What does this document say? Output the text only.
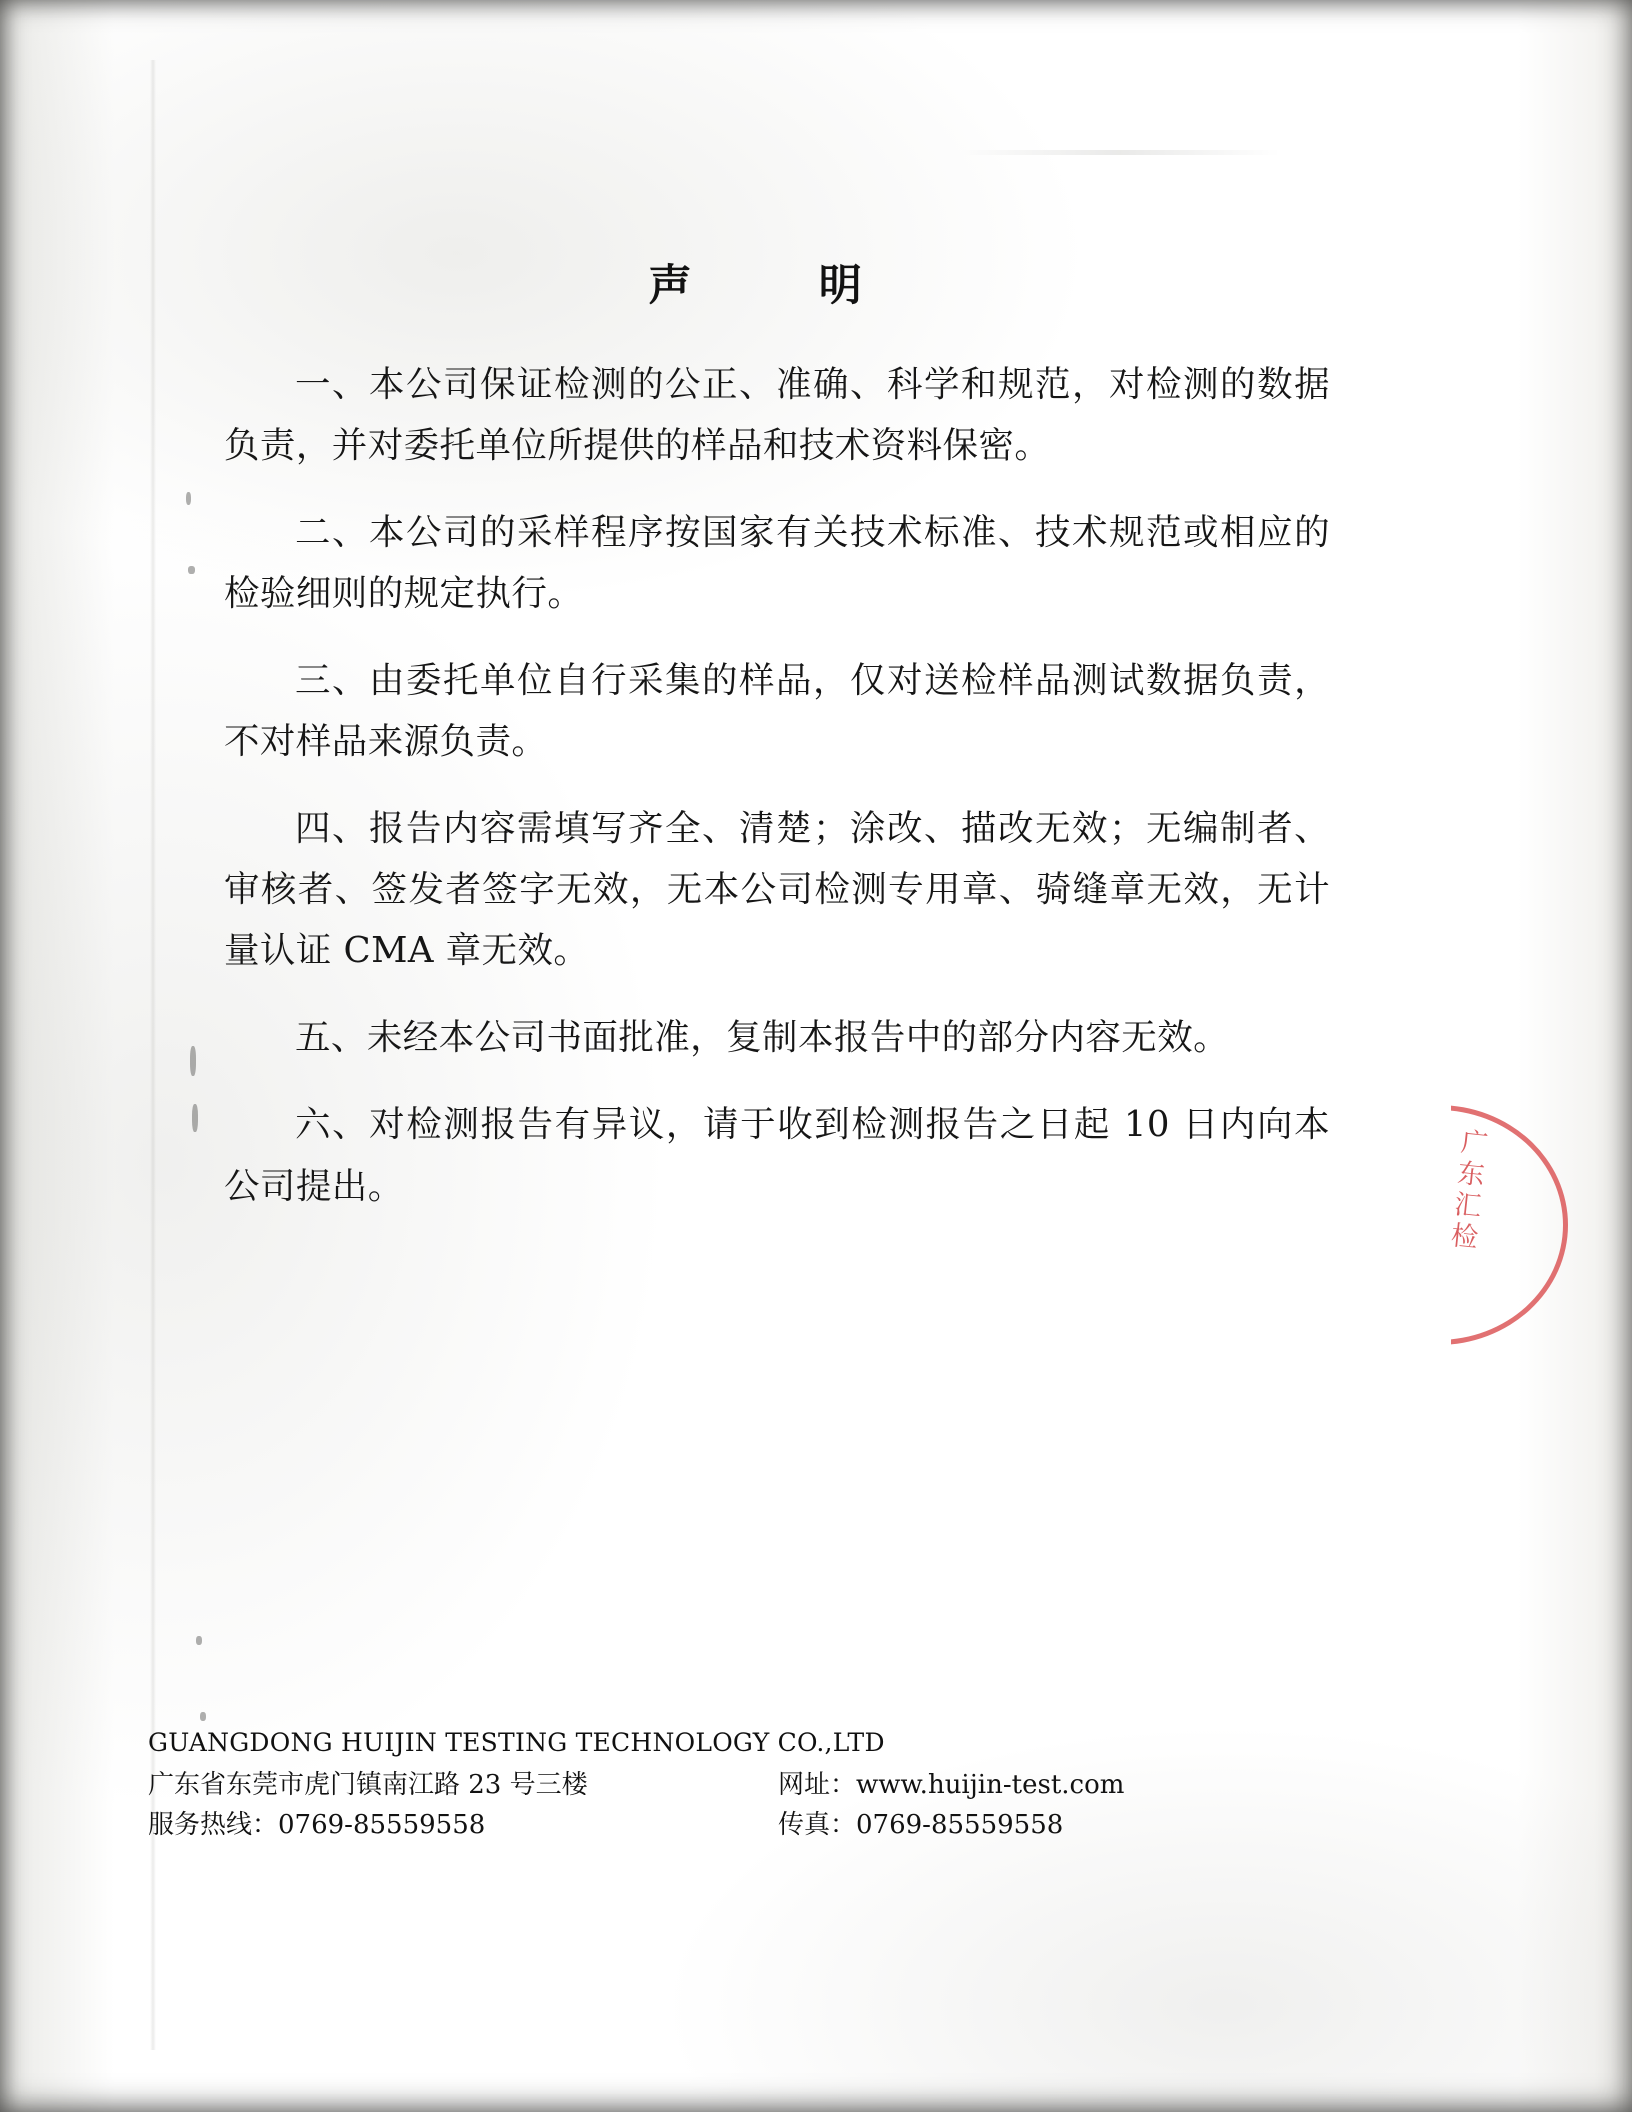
声　　明

一、本公司保证检测的公正、准确、科学和规范，对检测的数据负责，并对委托单位所提供的样品和技术资料保密。

二、本公司的采样程序按国家有关技术标准、技术规范或相应的检验细则的规定执行。

三、由委托单位自行采集的样品，仅对送检样品测试数据负责，不对样品来源负责。

四、报告内容需填写齐全、清楚；涂改、描改无效；无编制者、审核者、签发者签字无效，无本公司检测专用章、骑缝章无效，无计量认证 CMA 章无效。

五、未经本公司书面批准，复制本报告中的部分内容无效。

六、对检测报告有异议，请于收到检测报告之日起 10 日内向本公司提出。

GUANGDONG HUIJIN TESTING TECHNOLOGY CO.,LTD
广东省东莞市虎门镇南江路 23 号三楼
服务热线：0769-85559558
网址：www.huijin-test.com
传真：0769-85559558
广东汇检
